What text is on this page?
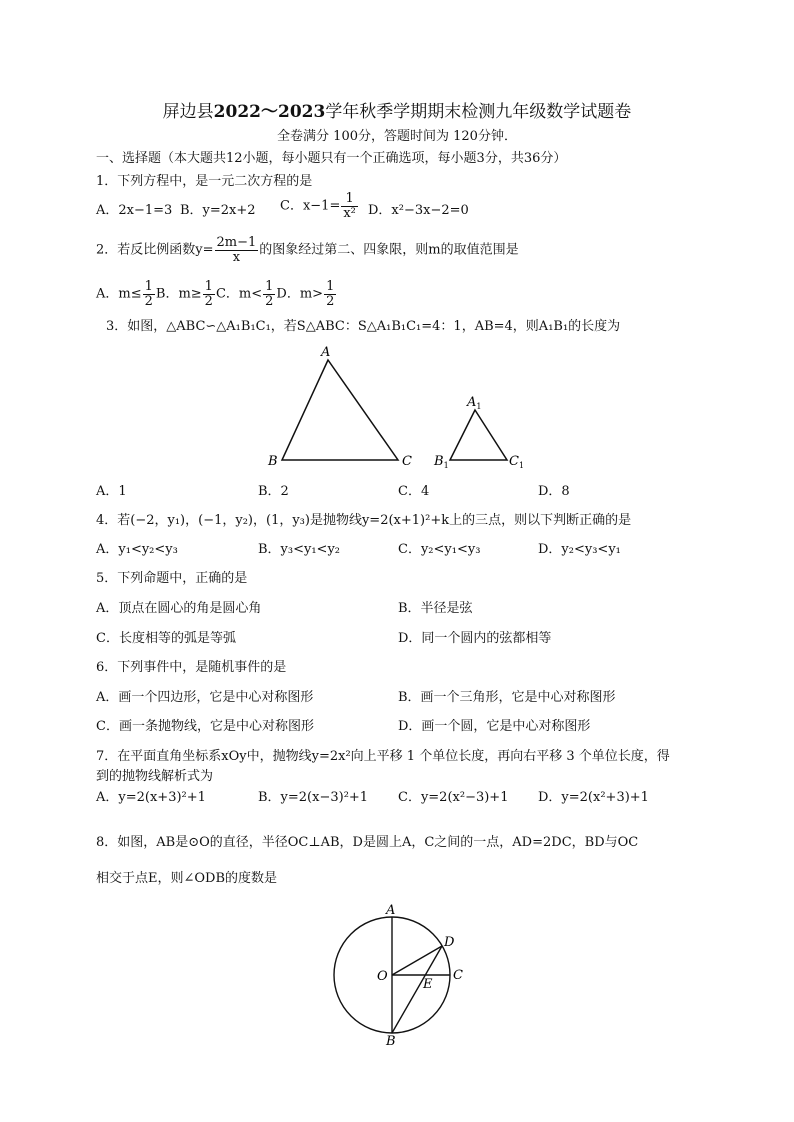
屏边县2022～2023学年秋季学期期末检测九年级数学试题卷
全卷满分 100分，答题时间为 120分钟．
一、选择题（本大题共12小题，每小题只有一个正确选项，每小题3分，共36分）
1．下列方程中，是一元二次方程的是
A．2x−1=3 B．y=2x+2 C．$x-1= \frac{1}{\text{x²}}$ D．x²−3x−2=0
2．若反比例函数$y= \frac{2m-1}{x}$ 的图象经过第二、四象限，则m的取值范围是
A．$m\le \frac{1}{2}$ B．$m\ge \frac{1}{2}$ C．$m< \frac{1}{2}$ D．$m> \frac{1}{2}$
3．如图，△ABC∽△A₁B₁C₁，若S△ABC：S△A₁B₁C₁=4：1，AB=4，则A₁B₁的长度为
A
B	C
$A_1$
$B_1$	$C_1$
A．1	B．2	C．4	D．8
4．若(−2，y₁)，(−1，y₂)，(1，y₃)是抛物线y=2(x+1)²+k上的三点，则以下判断正确的是
A．y₁<y₂<y₃	B．y₃<y₁<y₂	C．y₂<y₁<y₃	D．y₂<y₃<y₁
5．下列命题中，正确的是
A．顶点在圆心的角是圆心角	B．半径是弦
C．长度相等的弧是等弧	D．同一个圆内的弦都相等
6．下列事件中，是随机事件的是
A．画一个四边形，它是中心对称图形	B．画一个三角形，它是中心对称图形
C．画一条抛物线，它是中心对称图形	D．画一个圆，它是中心对称图形
7．在平面直角坐标系xOy中，抛物线y=2x²向上平移 1 个单位长度，再向右平移 3 个单位长度，得
到的抛物线解析式为
A．y=2(x+3)²+1	B．y=2(x−3)²+1 C．y=2(x²−3)+1 D．y=2(x²+3)+1
8．如图，AB是⊙O的直径，半径OC⊥AB，D是圆上A，C之间的一点，AD=2DC，BD与OC
相交于点E，则∠ODB的度数是
A
B
C
D
E
O
